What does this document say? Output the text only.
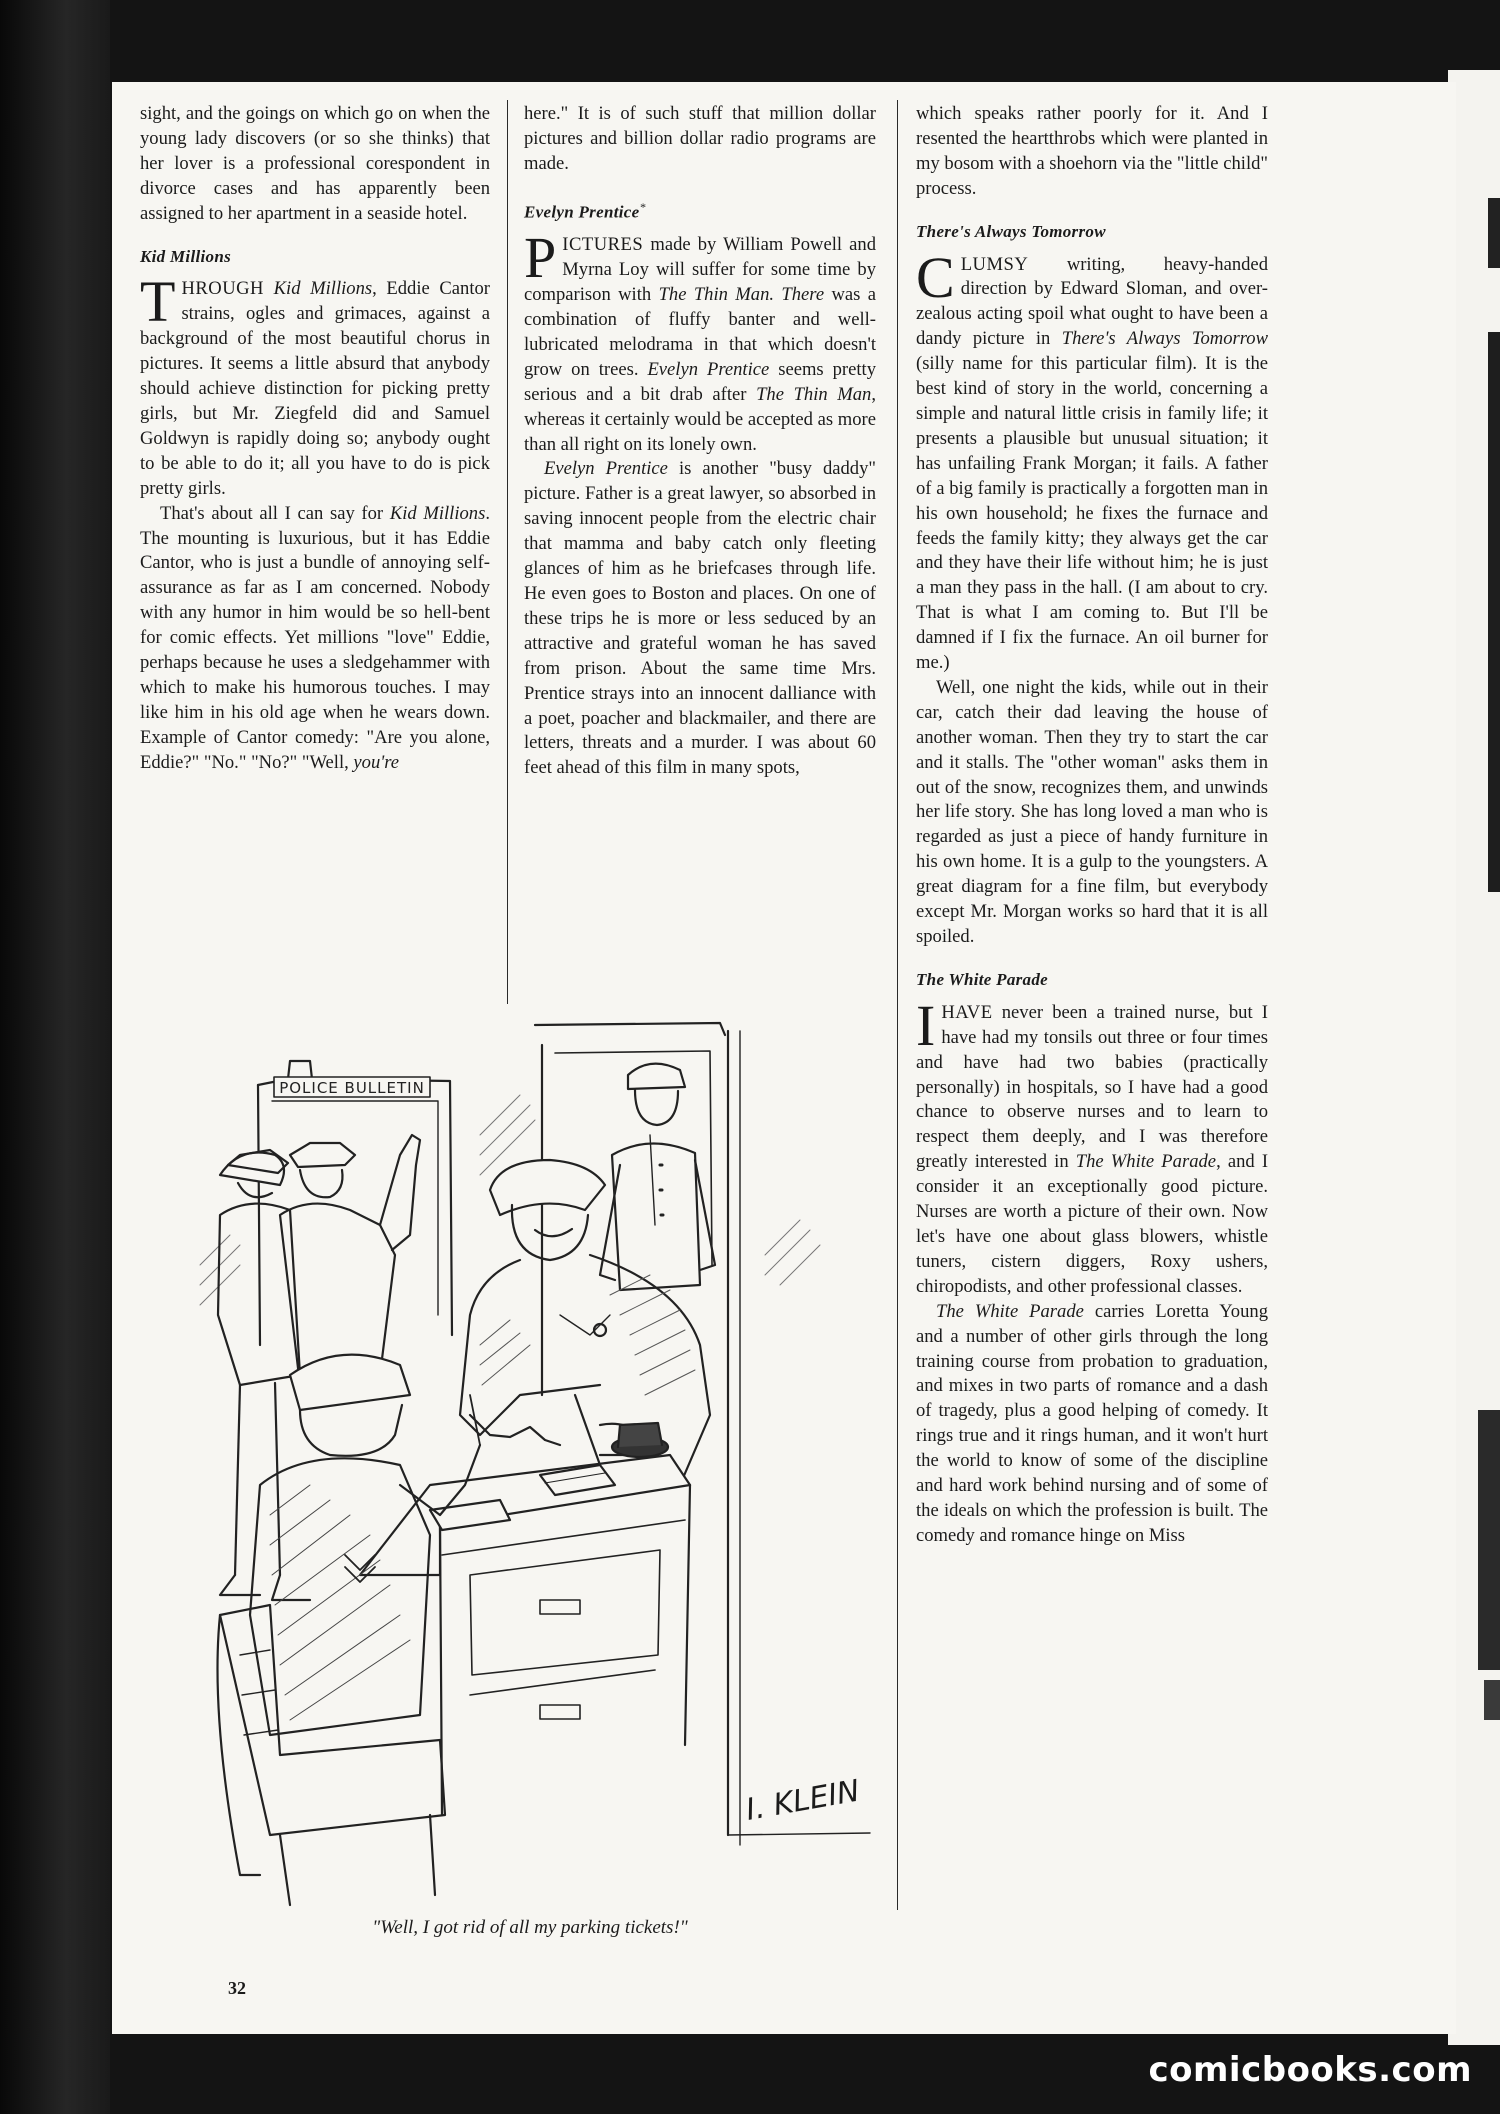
sight, and the goings on which go on when the young lady discovers (or so she thinks) that her lover is a professional corespondent in divorce cases and has apparently been assigned to her apartment in a seaside hotel.

Kid Millions

THROUGH Kid Millions, Eddie Cantor strains, ogles and grimaces, against a background of the most beautiful chorus in pictures. It seems a little absurd that anybody should achieve distinction for picking pretty girls, but Mr. Ziegfeld did and Samuel Goldwyn is rapidly doing so; anybody ought to be able to do it; all you have to do is pick pretty girls.

That's about all I can say for Kid Millions. The mounting is luxurious, but it has Eddie Cantor, who is just a bundle of annoying self-assurance as far as I am concerned. Nobody with any humor in him would be so hell-bent for comic effects. Yet millions "love" Eddie, perhaps because he uses a sledgehammer with which to make his humorous touches. I may like him in his old age when he wears down. Example of Cantor comedy: "Are you alone, Eddie?" "No." "No?" "Well, you're

here." It is of such stuff that million dollar pictures and billion dollar radio programs are made.

Evelyn Prentice*

PICTURES made by William Powell and Myrna Loy will suffer for some time by comparison with The Thin Man. There was a combination of fluffy banter and well-lubricated melodrama in that which doesn't grow on trees. Evelyn Prentice seems pretty serious and a bit drab after The Thin Man, whereas it certainly would be accepted as more than all right on its lonely own.

Evelyn Prentice is another "busy daddy" picture. Father is a great lawyer, so absorbed in saving innocent people from the electric chair that mamma and baby catch only fleeting glances of him as he briefcases through life. He even goes to Boston and places. On one of these trips he is more or less seduced by an attractive and grateful woman he has saved from prison. About the same time Mrs. Prentice strays into an innocent dalliance with a poet, poacher and blackmailer, and there are letters, threats and a murder. I was about 60 feet ahead of this film in many spots,

which speaks rather poorly for it. And I resented the heartthrobs which were planted in my bosom with a shoehorn via the "little child" process.

There's Always Tomorrow

CLUMSY writing, heavy-handed direction by Edward Sloman, and over-zealous acting spoil what ought to have been a dandy picture in There's Always Tomorrow (silly name for this particular film). It is the best kind of story in the world, concerning a simple and natural little crisis in family life; it presents a plausible but unusual situation; it has unfailing Frank Morgan; it fails. A father of a big family is practically a forgotten man in his own household; he fixes the furnace and feeds the family kitty; they always get the car and they have their life without him; he is just a man they pass in the hall. (I am about to cry. That is what I am coming to. But I'll be damned if I fix the furnace. An oil burner for me.)

Well, one night the kids, while out in their car, catch their dad leaving the house of another woman. Then they try to start the car and it stalls. The "other woman" asks them in out of the snow, recognizes them, and unwinds her life story. She has long loved a man who is regarded as just a piece of handy furniture in his own home. It is a gulp to the youngsters. A great diagram for a fine film, but everybody except Mr. Morgan works so hard that it is all spoiled.

The White Parade

IHAVE never been a trained nurse, but I have had my tonsils out three or four times and have had two babies (practically personally) in hospitals, so I have had a good chance to observe nurses and to learn to respect them deeply, and I was therefore greatly interested in The White Parade, and I consider it an exceptionally good picture. Nurses are worth a picture of their own. Now let's have one about glass blowers, whistle tuners, cistern diggers, Roxy ushers, chiropodists, and other professional classes.

The White Parade carries Loretta Young and a number of other girls through the long training course from probation to graduation, and mixes in two parts of romance and a dash of tragedy, plus a good helping of comedy. It rings true and it rings human, and it won't hurt the world to know of some of the discipline and hard work behind nursing and of some of the ideals on which the profession is built. The comedy and romance hinge on Miss

POLICE BULLETIN
I. KLEIN
"Well, I got rid of all my parking tickets!"
32
comicbooks.com
